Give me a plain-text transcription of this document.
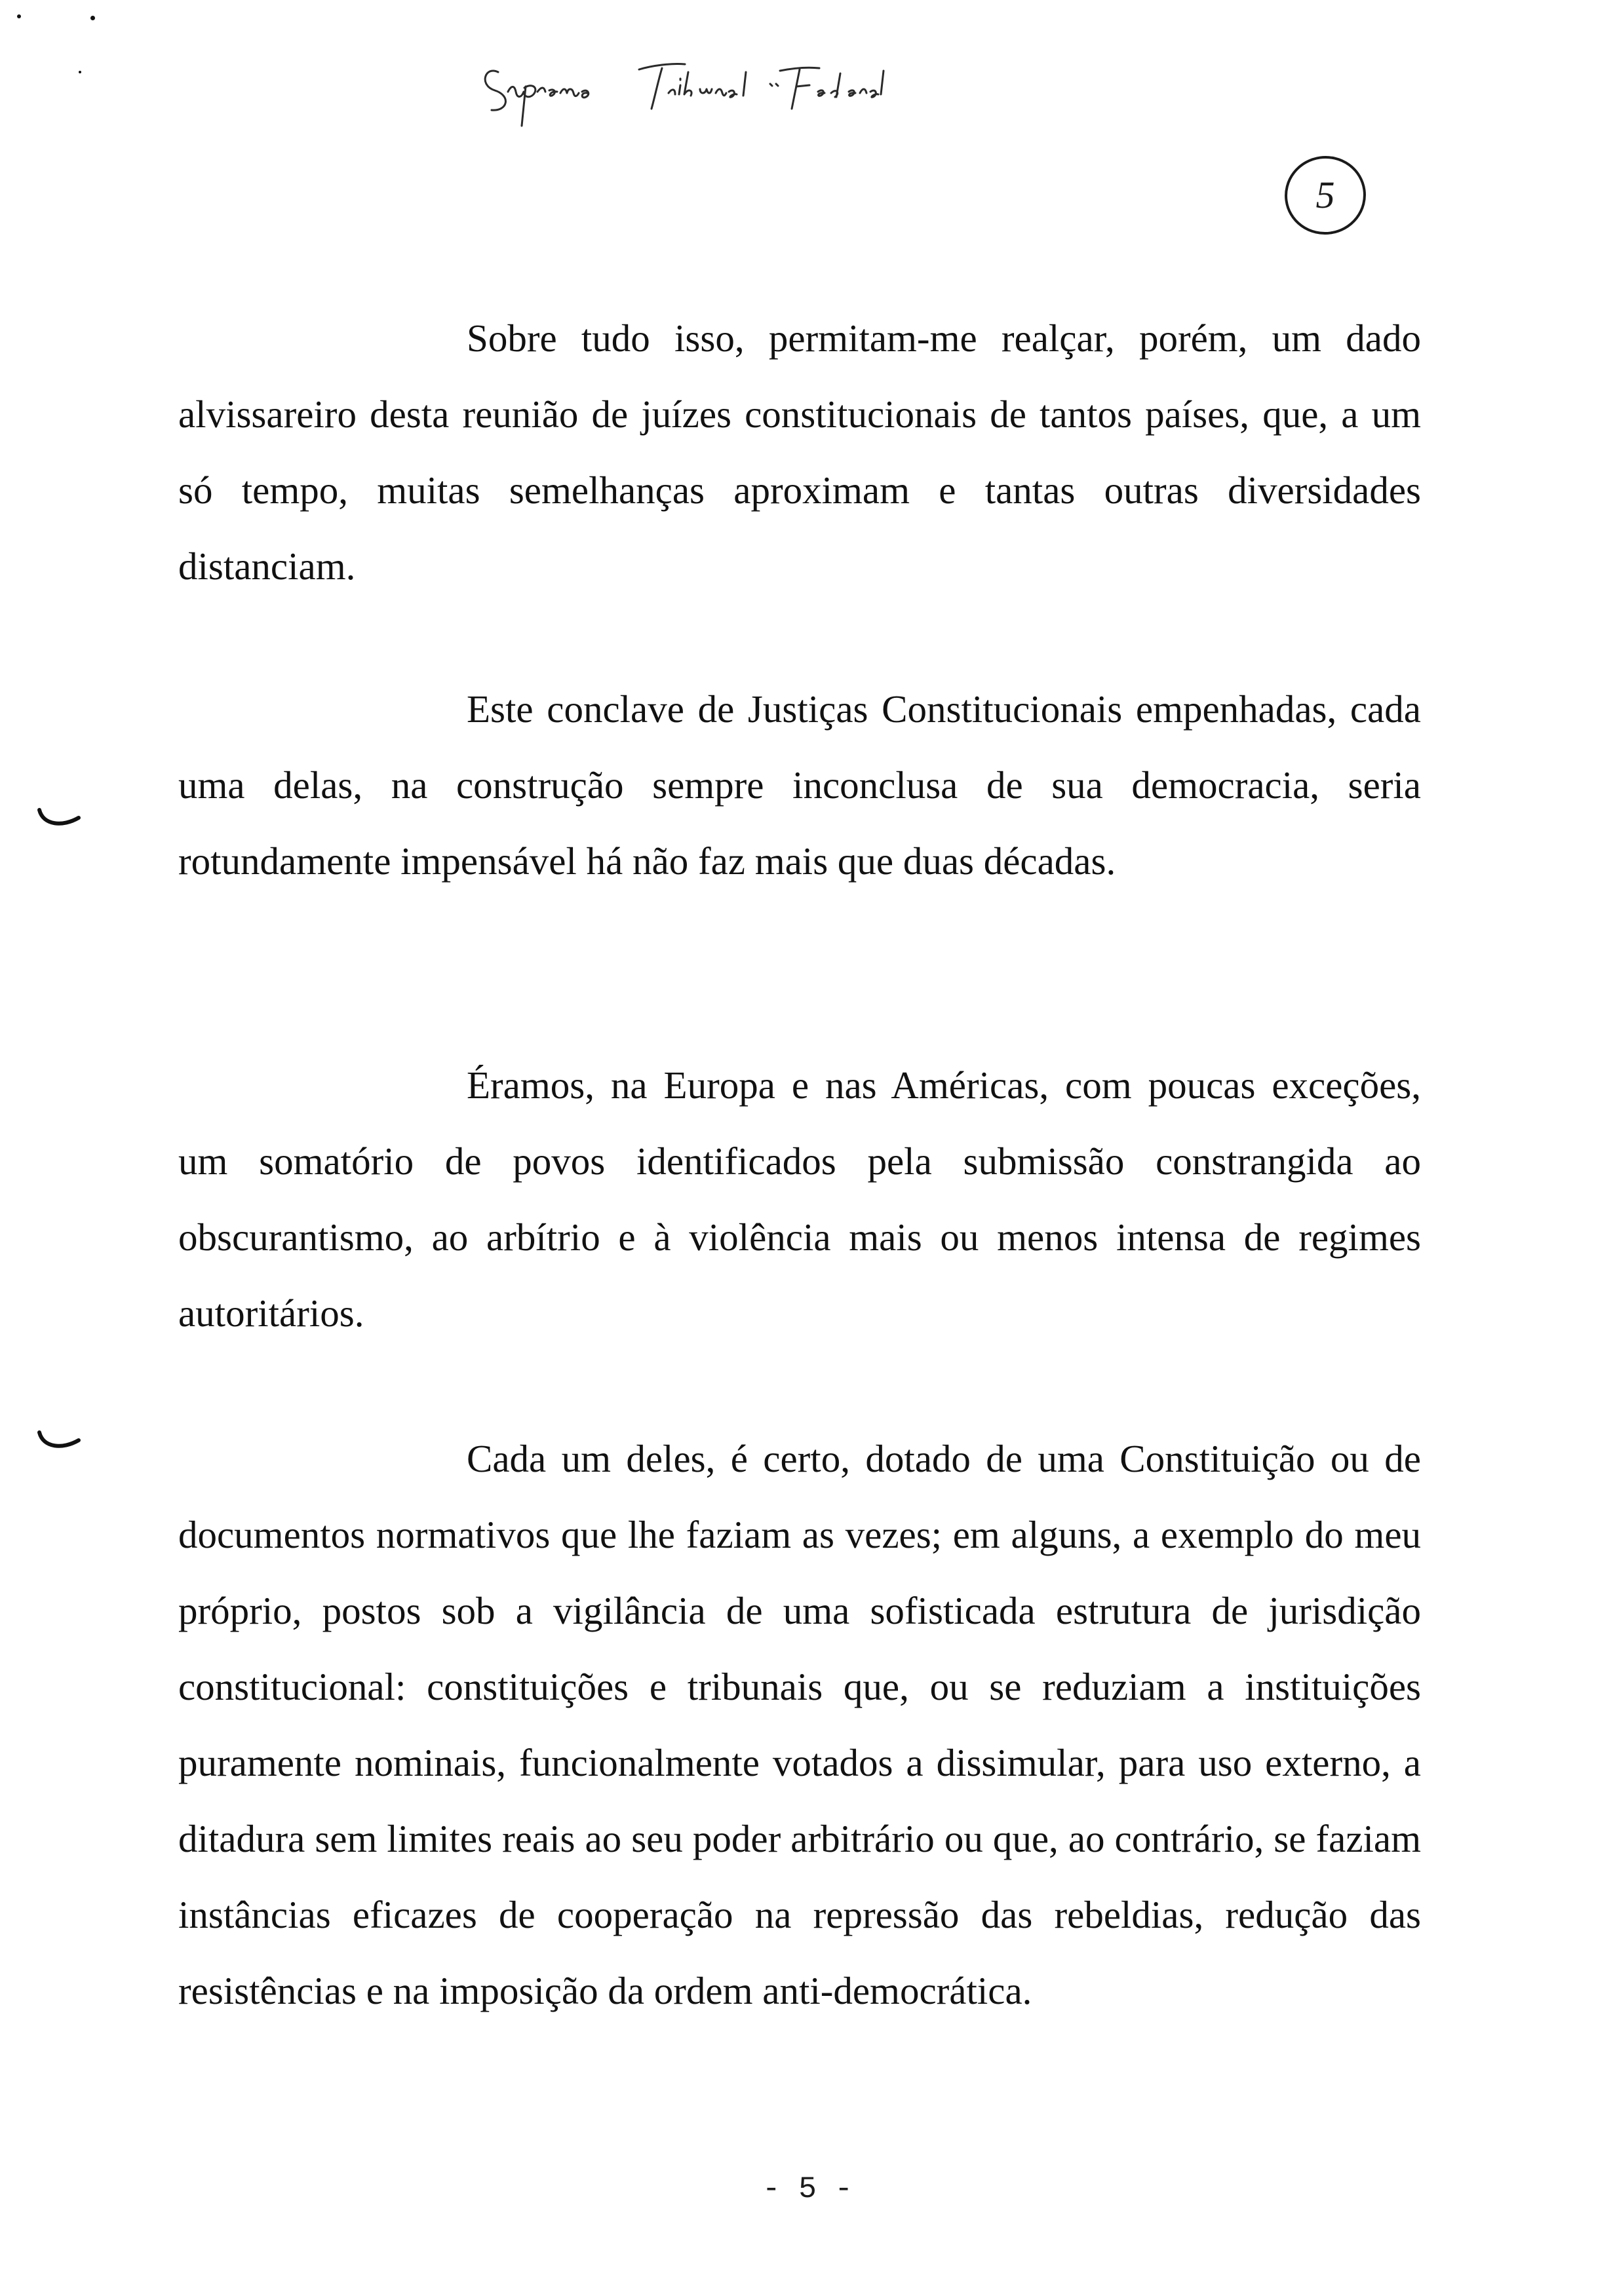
5

Sobre tudo isso, permitam-me realçar, porém, um dado alvissareiro desta reunião de juízes constitucionais de tantos países, que, a um só tempo, muitas semelhanças aproximam e tantas outras diversidades distanciam.

Este conclave de Justiças Constitucionais empenhadas, cada uma delas, na construção sempre inconclusa de sua democracia, seria rotundamente impensável há não faz mais que duas décadas.

Éramos, na Europa e nas Américas, com poucas exceções, um somatório de povos identificados pela submissão constrangida ao obscurantismo, ao arbítrio e à violência mais ou menos intensa de regimes autoritários.

Cada um deles, é certo, dotado de uma Constituição ou de documentos normativos que lhe faziam as vezes; em alguns, a exemplo do meu próprio, postos sob a vigilância de uma sofisticada estrutura de jurisdição constitucional: constituições e tribunais que, ou se reduziam a instituições puramente nominais, funcionalmente votados a dissimular, para uso externo, a ditadura sem limites reais ao seu poder arbitrário ou que, ao contrário, se faziam instâncias eficazes de cooperação na repressão das rebeldias, redução das resistências e na imposição da ordem anti-democrática.

- 5 -
